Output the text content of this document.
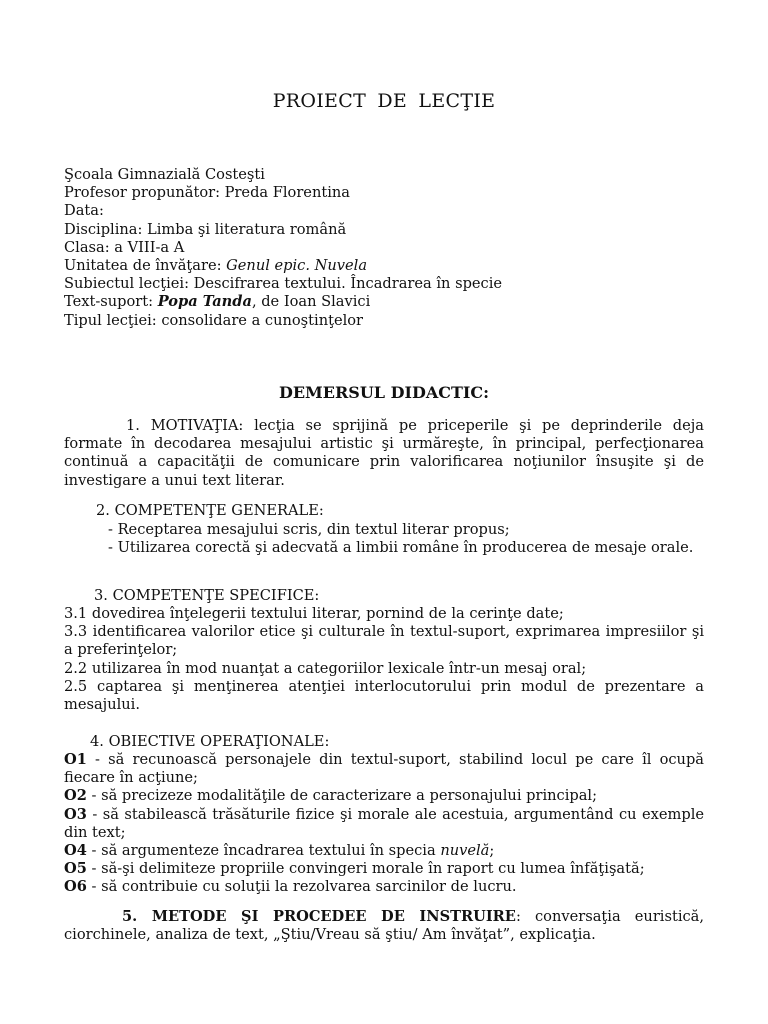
PROIECT DE LECŢIE
Şcoala Gimnazială Costeşti
Profesor propunător: Preda Florentina
Data:
Disciplina: Limba şi literatura română
Clasa: a VIII-a A
Unitatea de învăţare: Genul epic. Nuvela
Subiectul lecţiei: Descifrarea textului. Încadrarea în specie
Text-suport: Popa Tanda, de Ioan Slavici
Tipul lecţiei: consolidare a cunoştinţelor
DEMERSUL DIDACTIC:
1. MOTIVAŢIA: lecţia se sprijină pe priceperile şi pe deprinderile deja formate în decodarea mesajului artistic şi urmăreşte, în principal, perfecţionarea continuă a capacităţii de comunicare prin valorificarea noţiunilor însuşite şi de investigare a unui text literar.
2. COMPETENŢE GENERALE:
- Receptarea mesajului scris, din textul literar propus;
- Utilizarea corectă şi adecvată a limbii române în producerea de mesaje orale.
3. COMPETENŢE SPECIFICE:
3.1 dovedirea înţelegerii textului literar, pornind de la cerinţe date;
3.3 identificarea valorilor etice şi culturale în textul-suport, exprimarea impresiilor şi a preferinţelor;
2.2 utilizarea în mod nuanţat a categoriilor lexicale într-un mesaj oral;
2.5 captarea şi menţinerea atenţiei interlocutorului prin modul de prezentare a mesajului.
4. OBIECTIVE OPERAŢIONALE:
O1 - să recunoască personajele din textul-suport, stabilind locul pe care îl ocupă fiecare în acţiune;
O2 - să precizeze modalităţile de caracterizare a personajului principal;
O3 - să stabilească trăsăturile fizice şi morale ale acestuia, argumentând cu exemple din text;
O4 - să argumenteze încadrarea textului în specia nuvelă;
O5 - să-şi delimiteze propriile convingeri morale în raport cu lumea înfăţişată;
O6 - să contribuie cu soluţii la rezolvarea sarcinilor de lucru.
5. METODE ŞI PROCEDEE DE INSTRUIRE: conversaţia euristică, ciorchinele, analiza de text, „Ştiu/Vreau să ştiu/ Am învăţat”, explicaţia.
